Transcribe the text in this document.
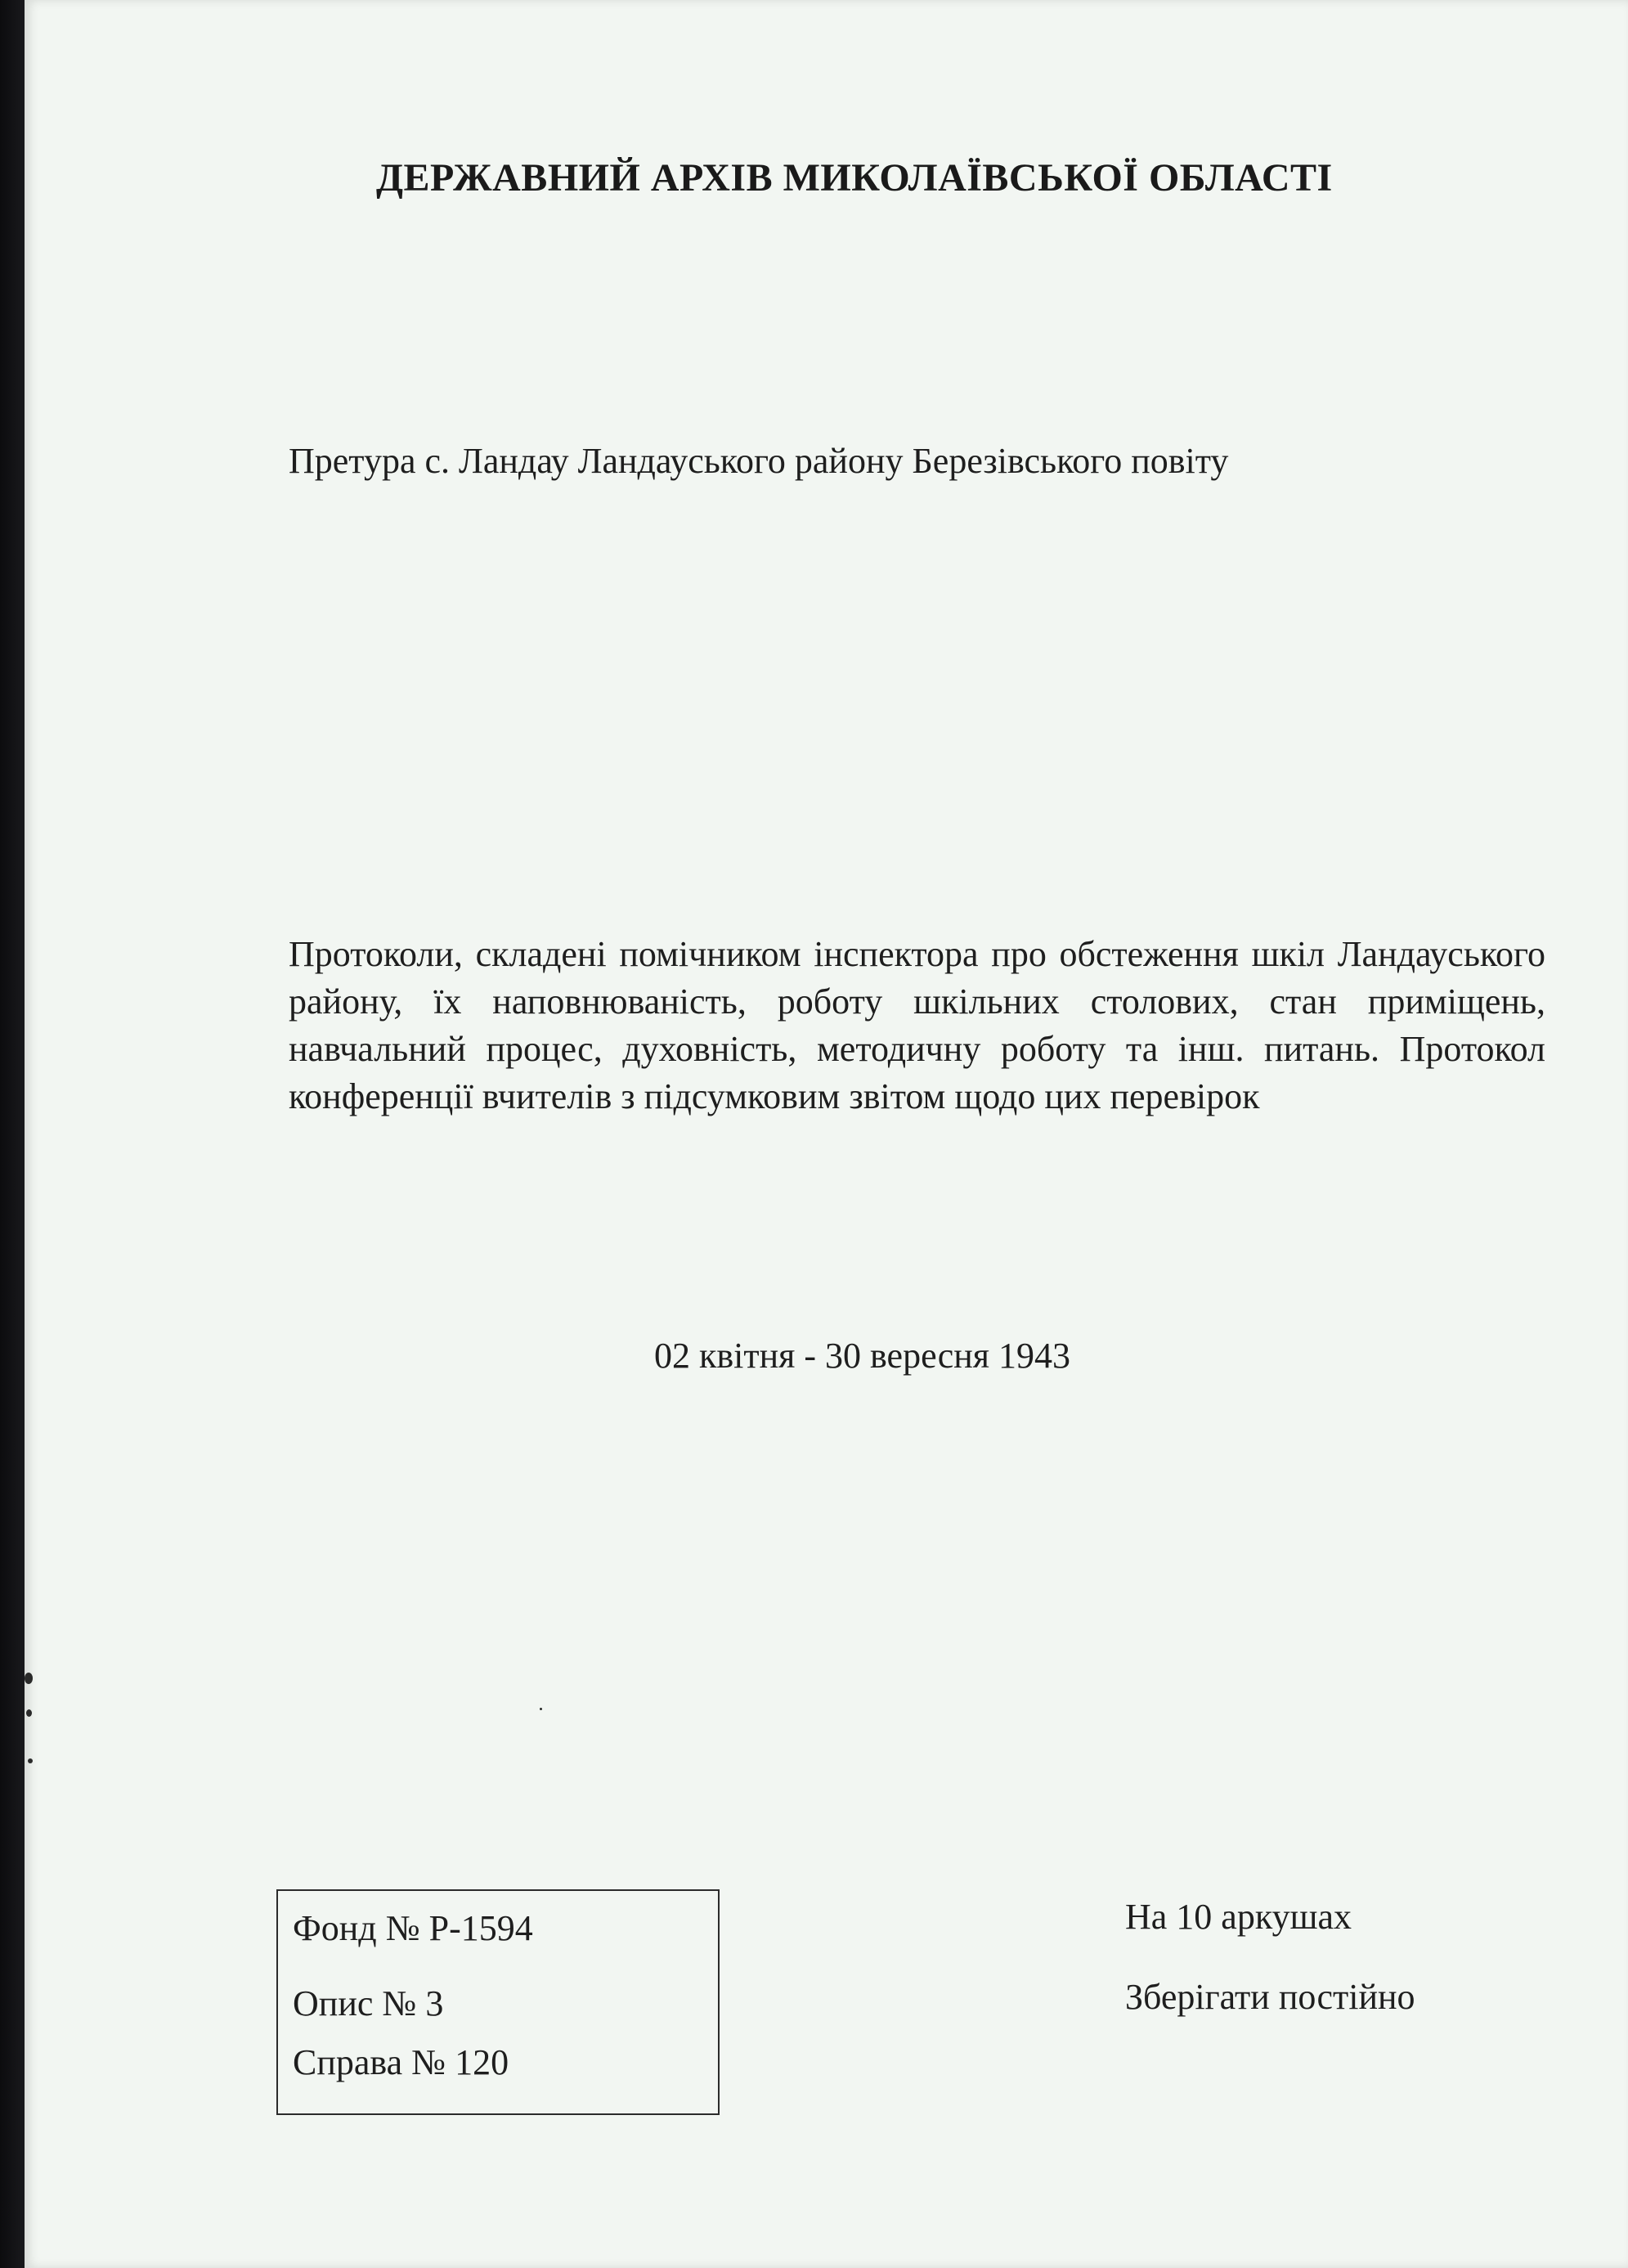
ДЕРЖАВНИЙ АРХІВ МИКОЛАЇВСЬКОЇ ОБЛАСТІ

Претура с. Ландау Ландауського району Березівського повіту

Протоколи, складені помічником інспектора про обстеження шкіл Ландауського району, їх наповнюваність, роботу шкільних столових, стан приміщень, навчальний процес, духовність, методичну роботу та інш. питань. Протокол конференції вчителів з підсумковим звітом щодо цих перевірок

02 квітня - 30 вересня 1943

Фонд № Р-1594

Опис № 3

Справа № 120

На 10 аркушах

Зберігати постійно
